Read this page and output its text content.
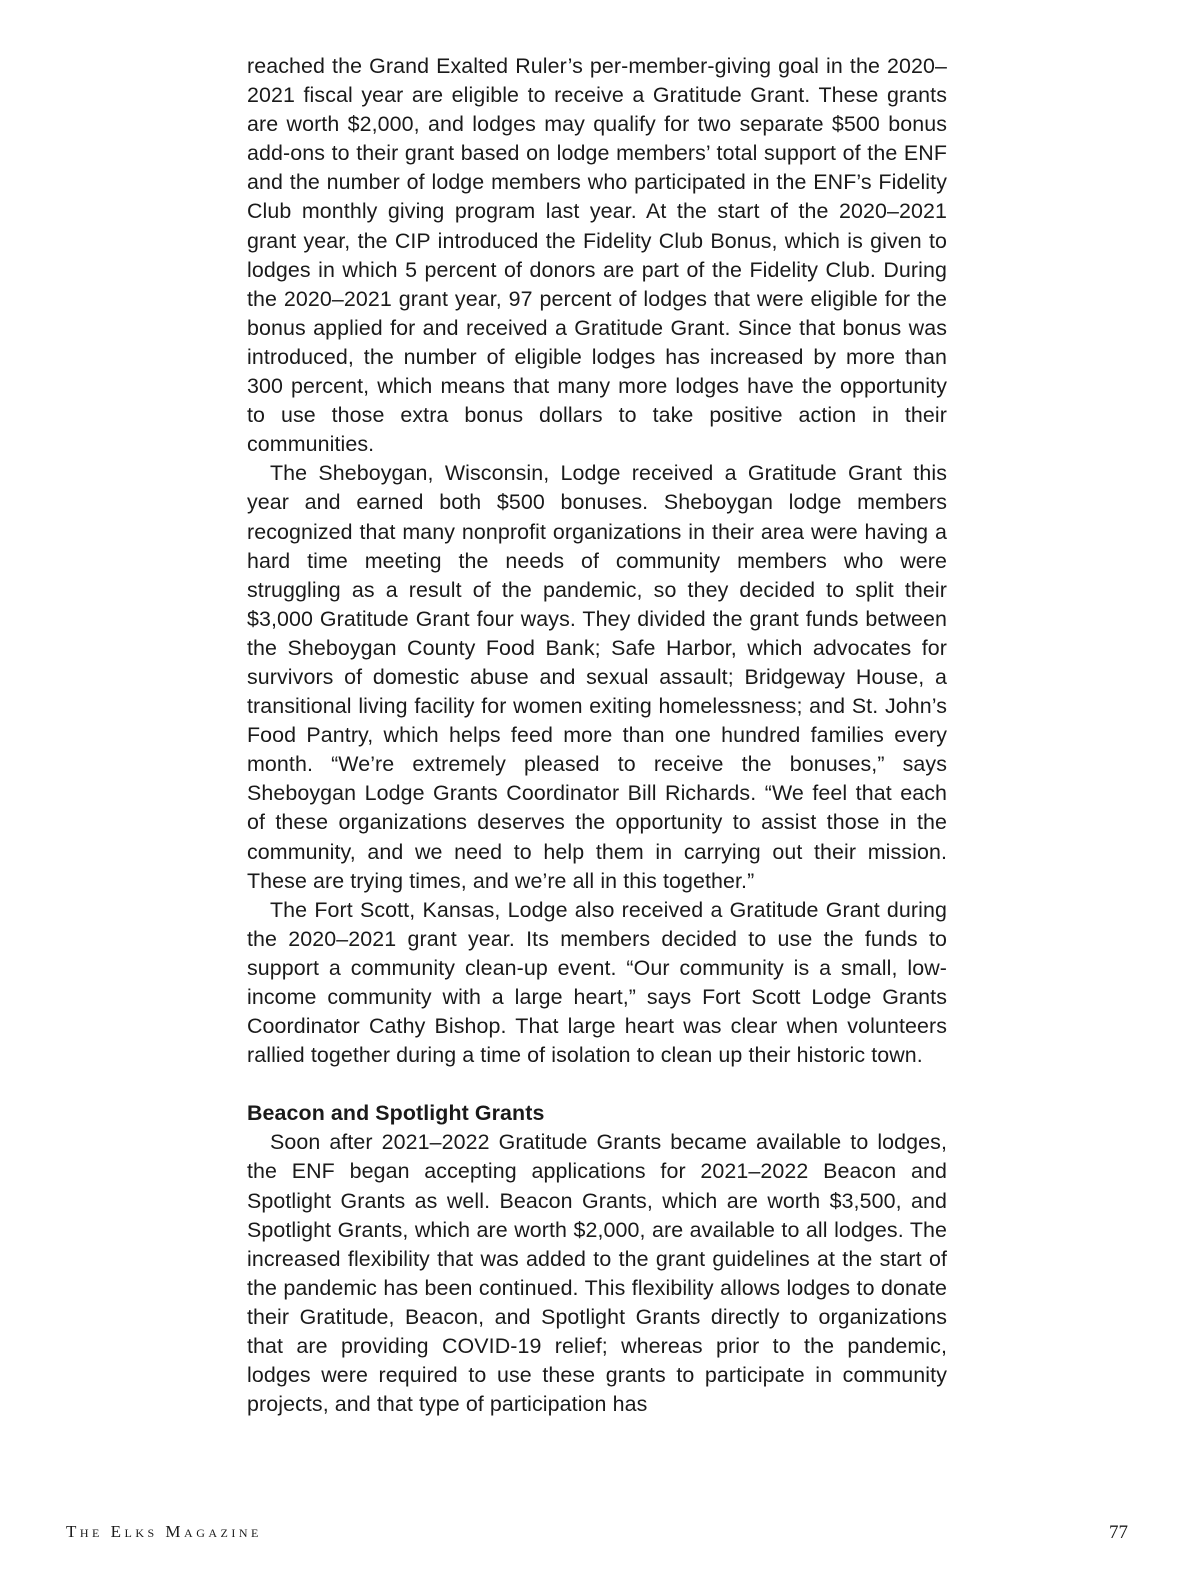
reached the Grand Exalted Ruler’s per-member-giving goal in the 2020–2021 fiscal year are eligible to receive a Gratitude Grant. These grants are worth $2,000, and lodges may qualify for two separate $500 bonus add-ons to their grant based on lodge members’ total support of the ENF and the number of lodge members who participated in the ENF’s Fidelity Club monthly giving program last year. At the start of the 2020–2021 grant year, the CIP introduced the Fidelity Club Bonus, which is given to lodges in which 5 percent of donors are part of the Fidelity Club. During the 2020–2021 grant year, 97 percent of lodges that were eligible for the bonus applied for and received a Gratitude Grant. Since that bonus was introduced, the number of eligible lodges has increased by more than 300 percent, which means that many more lodges have the opportunity to use those extra bonus dollars to take positive action in their communities.

The Sheboygan, Wisconsin, Lodge received a Gratitude Grant this year and earned both $500 bonuses. Sheboygan lodge members recognized that many nonprofit organizations in their area were having a hard time meeting the needs of community members who were struggling as a result of the pandemic, so they decided to split their $3,000 Gratitude Grant four ways. They divided the grant funds between the Sheboygan County Food Bank; Safe Harbor, which advocates for survivors of domestic abuse and sexual assault; Bridgeway House, a transitional living facility for women exiting homelessness; and St. John’s Food Pantry, which helps feed more than one hundred families every month. “We’re extremely pleased to receive the bonuses,” says Sheboygan Lodge Grants Coordinator Bill Richards. “We feel that each of these organizations deserves the opportunity to assist those in the community, and we need to help them in carrying out their mission. These are trying times, and we’re all in this together.”

The Fort Scott, Kansas, Lodge also received a Gratitude Grant during the 2020–2021 grant year. Its members decided to use the funds to support a community clean-up event. “Our community is a small, low-income community with a large heart,” says Fort Scott Lodge Grants Coordinator Cathy Bishop. That large heart was clear when volunteers rallied together during a time of isolation to clean up their historic town.

Beacon and Spotlight Grants

Soon after 2021–2022 Gratitude Grants became available to lodges, the ENF began accepting applications for 2021–2022 Beacon and Spotlight Grants as well. Beacon Grants, which are worth $3,500, and Spotlight Grants, which are worth $2,000, are available to all lodges. The increased flexibility that was added to the grant guidelines at the start of the pandemic has been continued. This flexibility allows lodges to donate their Gratitude, Beacon, and Spotlight Grants directly to organizations that are providing COVID-19 relief; whereas prior to the pandemic, lodges were required to use these grants to participate in community projects, and that type of participation has

The Elks Magazine	77
